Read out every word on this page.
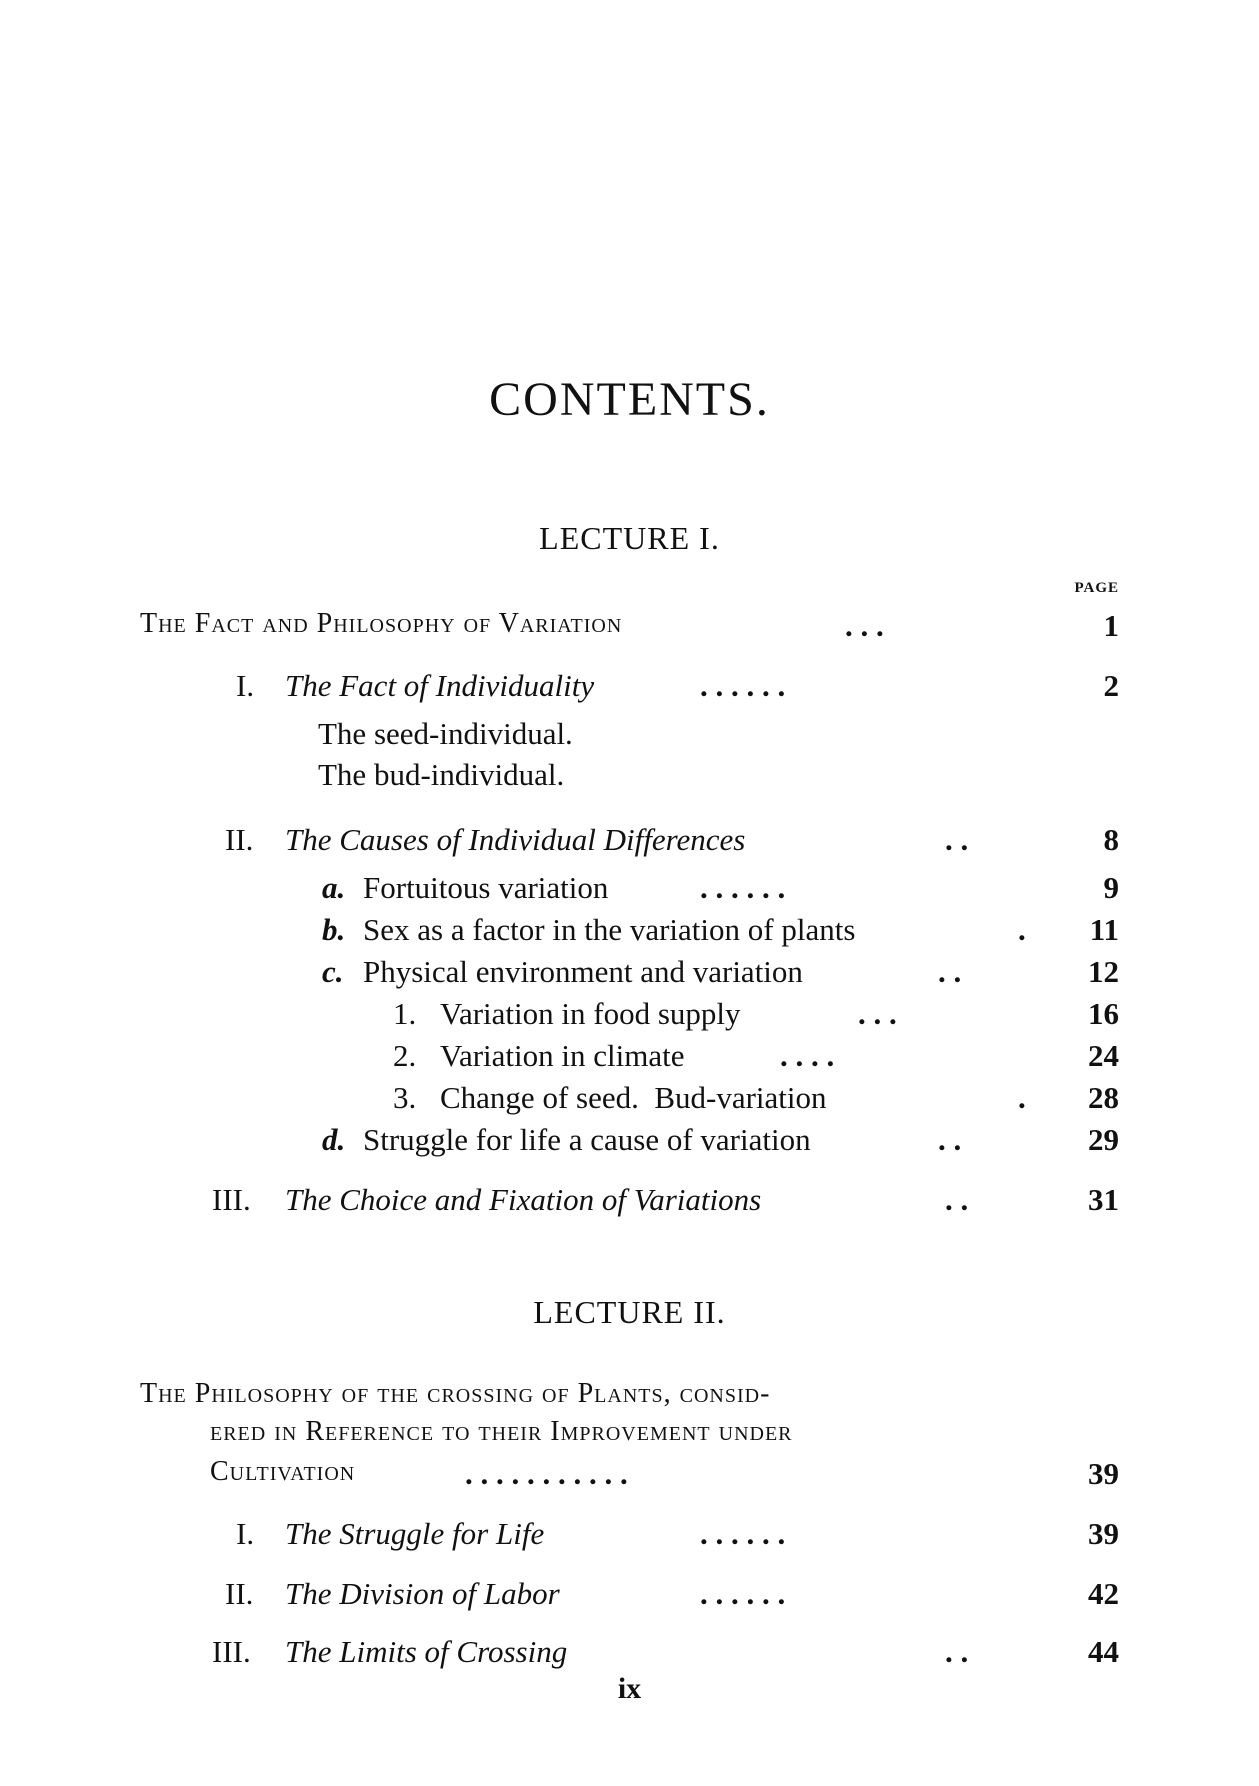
CONTENTS.
LECTURE I.
PAGE
The Fact and Philosophy of Variation	. . .	1
I. The Fact of Individuality	. . . . . .	2
The seed-individual.
The bud-individual.
II. The Causes of Individual Differences	. .	8
a. Fortuitous variation	. . . . . .	9
b. Sex as a factor in the variation of plants	. 11
c. Physical environment and variation	. .	12
1. Variation in food supply	. . .	16
2. Variation in climate	. . . .	24
3. Change of seed.  Bud-variation	. 28
d. Struggle for life a cause of variation	. .	29
III. The Choice and Fixation of Variations	. .	31
LECTURE II.
The Philosophy of the crossing of Plants, consid-
ered in Reference to their Improvement under
Cultivation	. . . . . . . . . . .	39
I. The Struggle for Life	. . . . . .	39
II. The Division of Labor	. . . . . .	42
III. The Limits of Crossing	. .	44
ix
